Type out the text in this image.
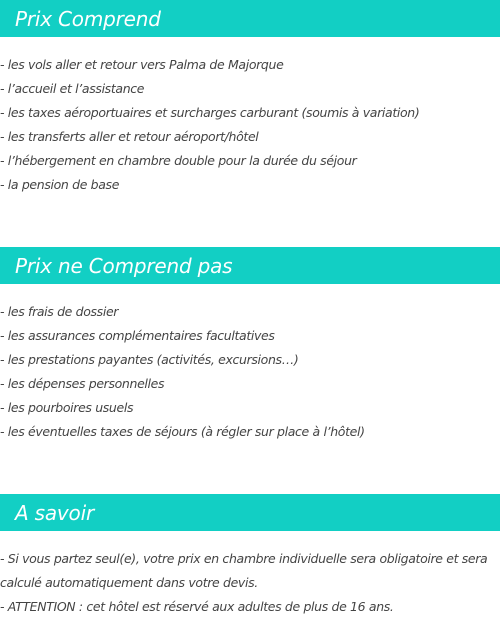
Prix Comprend
- les vols aller et retour vers Palma de Majorque
- l’accueil et l’assistance
- les taxes aéroportuaires et surcharges carburant (soumis à variation)
- les transferts aller et retour aéroport/hôtel
- l’hébergement en chambre double pour la durée du séjour
- la pension de base
Prix ne Comprend pas
- les frais de dossier
- les assurances complémentaires facultatives
- les prestations payantes (activités, excursions…)
- les dépenses personnelles
- les pourboires usuels
- les éventuelles taxes de séjours (à régler sur place à l’hôtel)
A savoir
- Si vous partez seul(e), votre prix en chambre individuelle sera obligatoire et sera calculé automatiquement dans votre devis.
- ATTENTION : cet hôtel est réservé aux adultes de plus de 16 ans.
